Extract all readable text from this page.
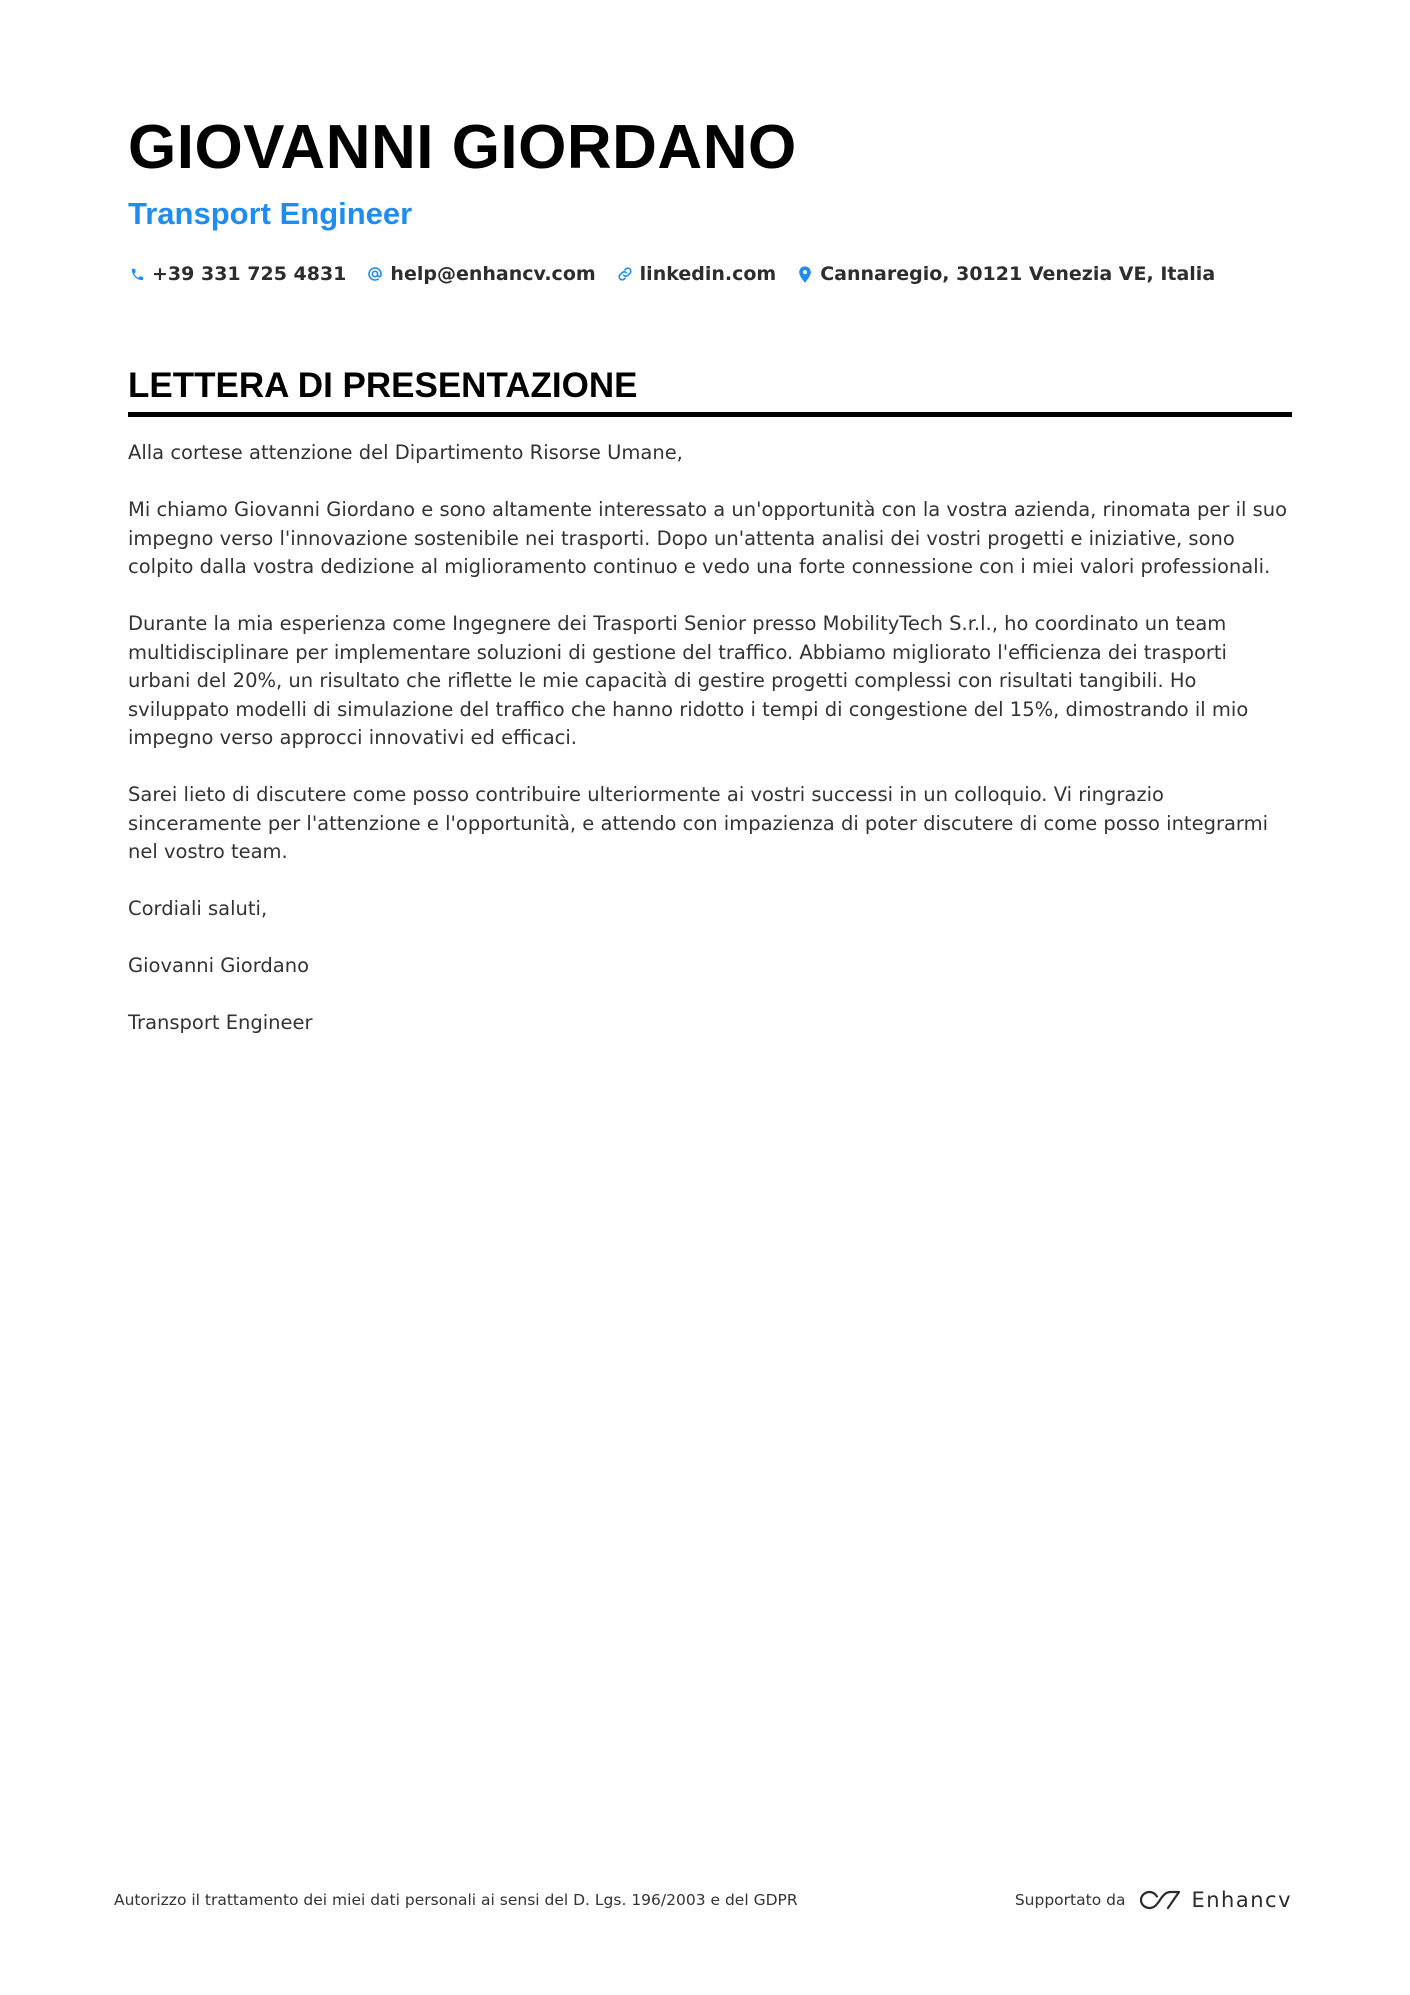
GIOVANNI GIORDANO
Transport Engineer
+39 331 725 4831 help@enhancv.com linkedin.com Cannaregio, 30121 Venezia VE, Italia
LETTERA DI PRESENTAZIONE

Alla cortese attenzione del Dipartimento Risorse Umane,

Mi chiamo Giovanni Giordano e sono altamente interessato a un'opportunità con la vostra azienda, rinomata per il suo impegno verso l'innovazione sostenibile nei trasporti. Dopo un'attenta analisi dei vostri progetti e iniziative, sono colpito dalla vostra dedizione al miglioramento continuo e vedo una forte connessione con i miei valori professionali.

Durante la mia esperienza come Ingegnere dei Trasporti Senior presso MobilityTech S.r.l., ho coordinato un team multidisciplinare per implementare soluzioni di gestione del traffico. Abbiamo migliorato l'efficienza dei trasporti urbani del 20%, un risultato che riflette le mie capacità di gestire progetti complessi con risultati tangibili. Ho sviluppato modelli di simulazione del traffico che hanno ridotto i tempi di congestione del 15%, dimostrando il mio impegno verso approcci innovativi ed efficaci.

Sarei lieto di discutere come posso contribuire ulteriormente ai vostri successi in un colloquio. Vi ringrazio sinceramente per l'attenzione e l'opportunità, e attendo con impazienza di poter discutere di come posso integrarmi nel vostro team.

Cordiali saluti,

Giovanni Giordano

Transport Engineer

Autorizzo il trattamento dei miei dati personali ai sensi del D. Lgs. 196/2003 e del GDPR	Supportato da	Enhancv
